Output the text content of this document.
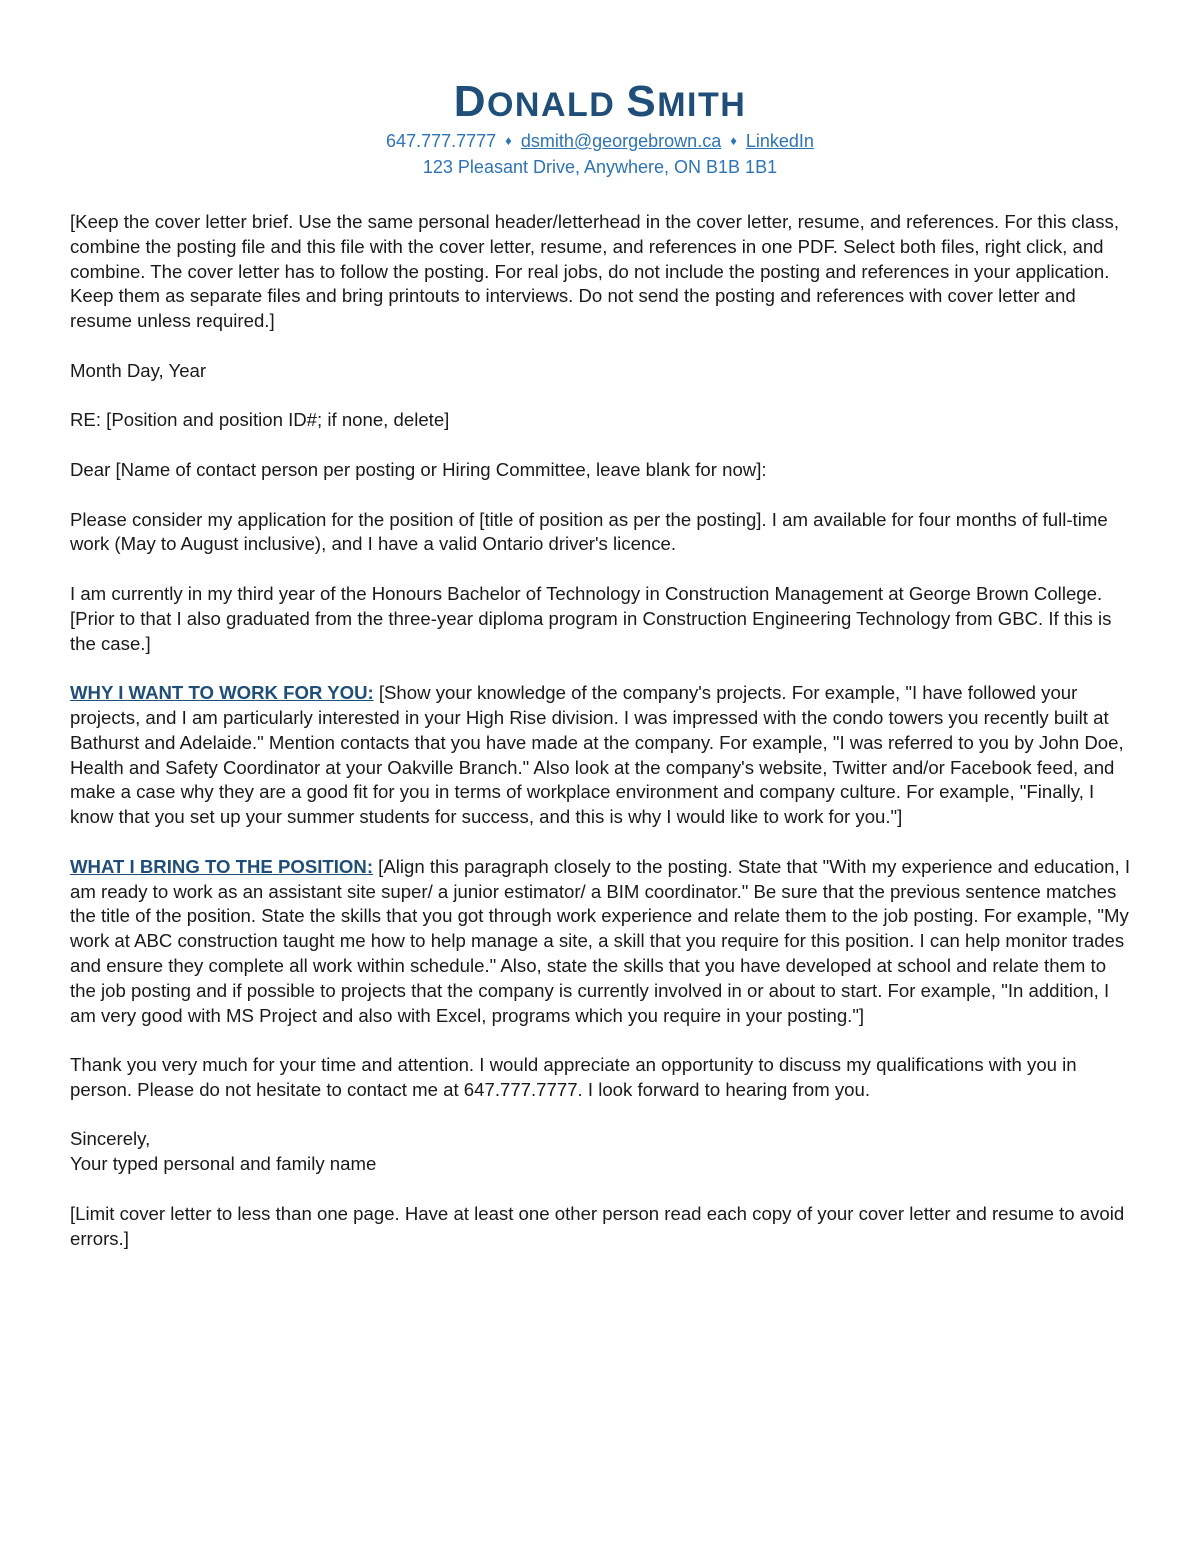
DONALD SMITH
647.777.7777 ♦ dsmith@georgebrown.ca ♦ LinkedIn
123 Pleasant Drive, Anywhere, ON B1B 1B1

[Keep the cover letter brief. Use the same personal header/letterhead in the cover letter, resume, and references. For this class, combine the posting file and this file with the cover letter, resume, and references in one PDF. Select both files, right click, and combine. The cover letter has to follow the posting. For real jobs, do not include the posting and references in your application. Keep them as separate files and bring printouts to interviews. Do not send the posting and references with cover letter and resume unless required.]

Month Day, Year

RE: [Position and position ID#; if none, delete]

Dear [Name of contact person per posting or Hiring Committee, leave blank for now]:

Please consider my application for the position of [title of position as per the posting]. I am available for four months of full-time work (May to August inclusive), and I have a valid Ontario driver's licence.

I am currently in my third year of the Honours Bachelor of Technology in Construction Management at George Brown College. [Prior to that I also graduated from the three-year diploma program in Construction Engineering Technology from GBC. If this is the case.]

WHY I WANT TO WORK FOR YOU: [Show your knowledge of the company's projects. For example, "I have followed your projects, and I am particularly interested in your High Rise division. I was impressed with the condo towers you recently built at Bathurst and Adelaide." Mention contacts that you have made at the company. For example, "I was referred to you by John Doe, Health and Safety Coordinator at your Oakville Branch." Also look at the company's website, Twitter and/or Facebook feed, and make a case why they are a good fit for you in terms of workplace environment and company culture. For example, "Finally, I know that you set up your summer students for success, and this is why I would like to work for you."]

WHAT I BRING TO THE POSITION: [Align this paragraph closely to the posting. State that "With my experience and education, I am ready to work as an assistant site super/ a junior estimator/ a BIM coordinator." Be sure that the previous sentence matches the title of the position. State the skills that you got through work experience and relate them to the job posting. For example, "My work at ABC construction taught me how to help manage a site, a skill that you require for this position. I can help monitor trades and ensure they complete all work within schedule." Also, state the skills that you have developed at school and relate them to the job posting and if possible to projects that the company is currently involved in or about to start. For example, "In addition, I am very good with MS Project and also with Excel, programs which you require in your posting."]

Thank you very much for your time and attention. I would appreciate an opportunity to discuss my qualifications with you in person. Please do not hesitate to contact me at 647.777.7777. I look forward to hearing from you.

Sincerely,
Your typed personal and family name

[Limit cover letter to less than one page. Have at least one other person read each copy of your cover letter and resume to avoid errors.]
